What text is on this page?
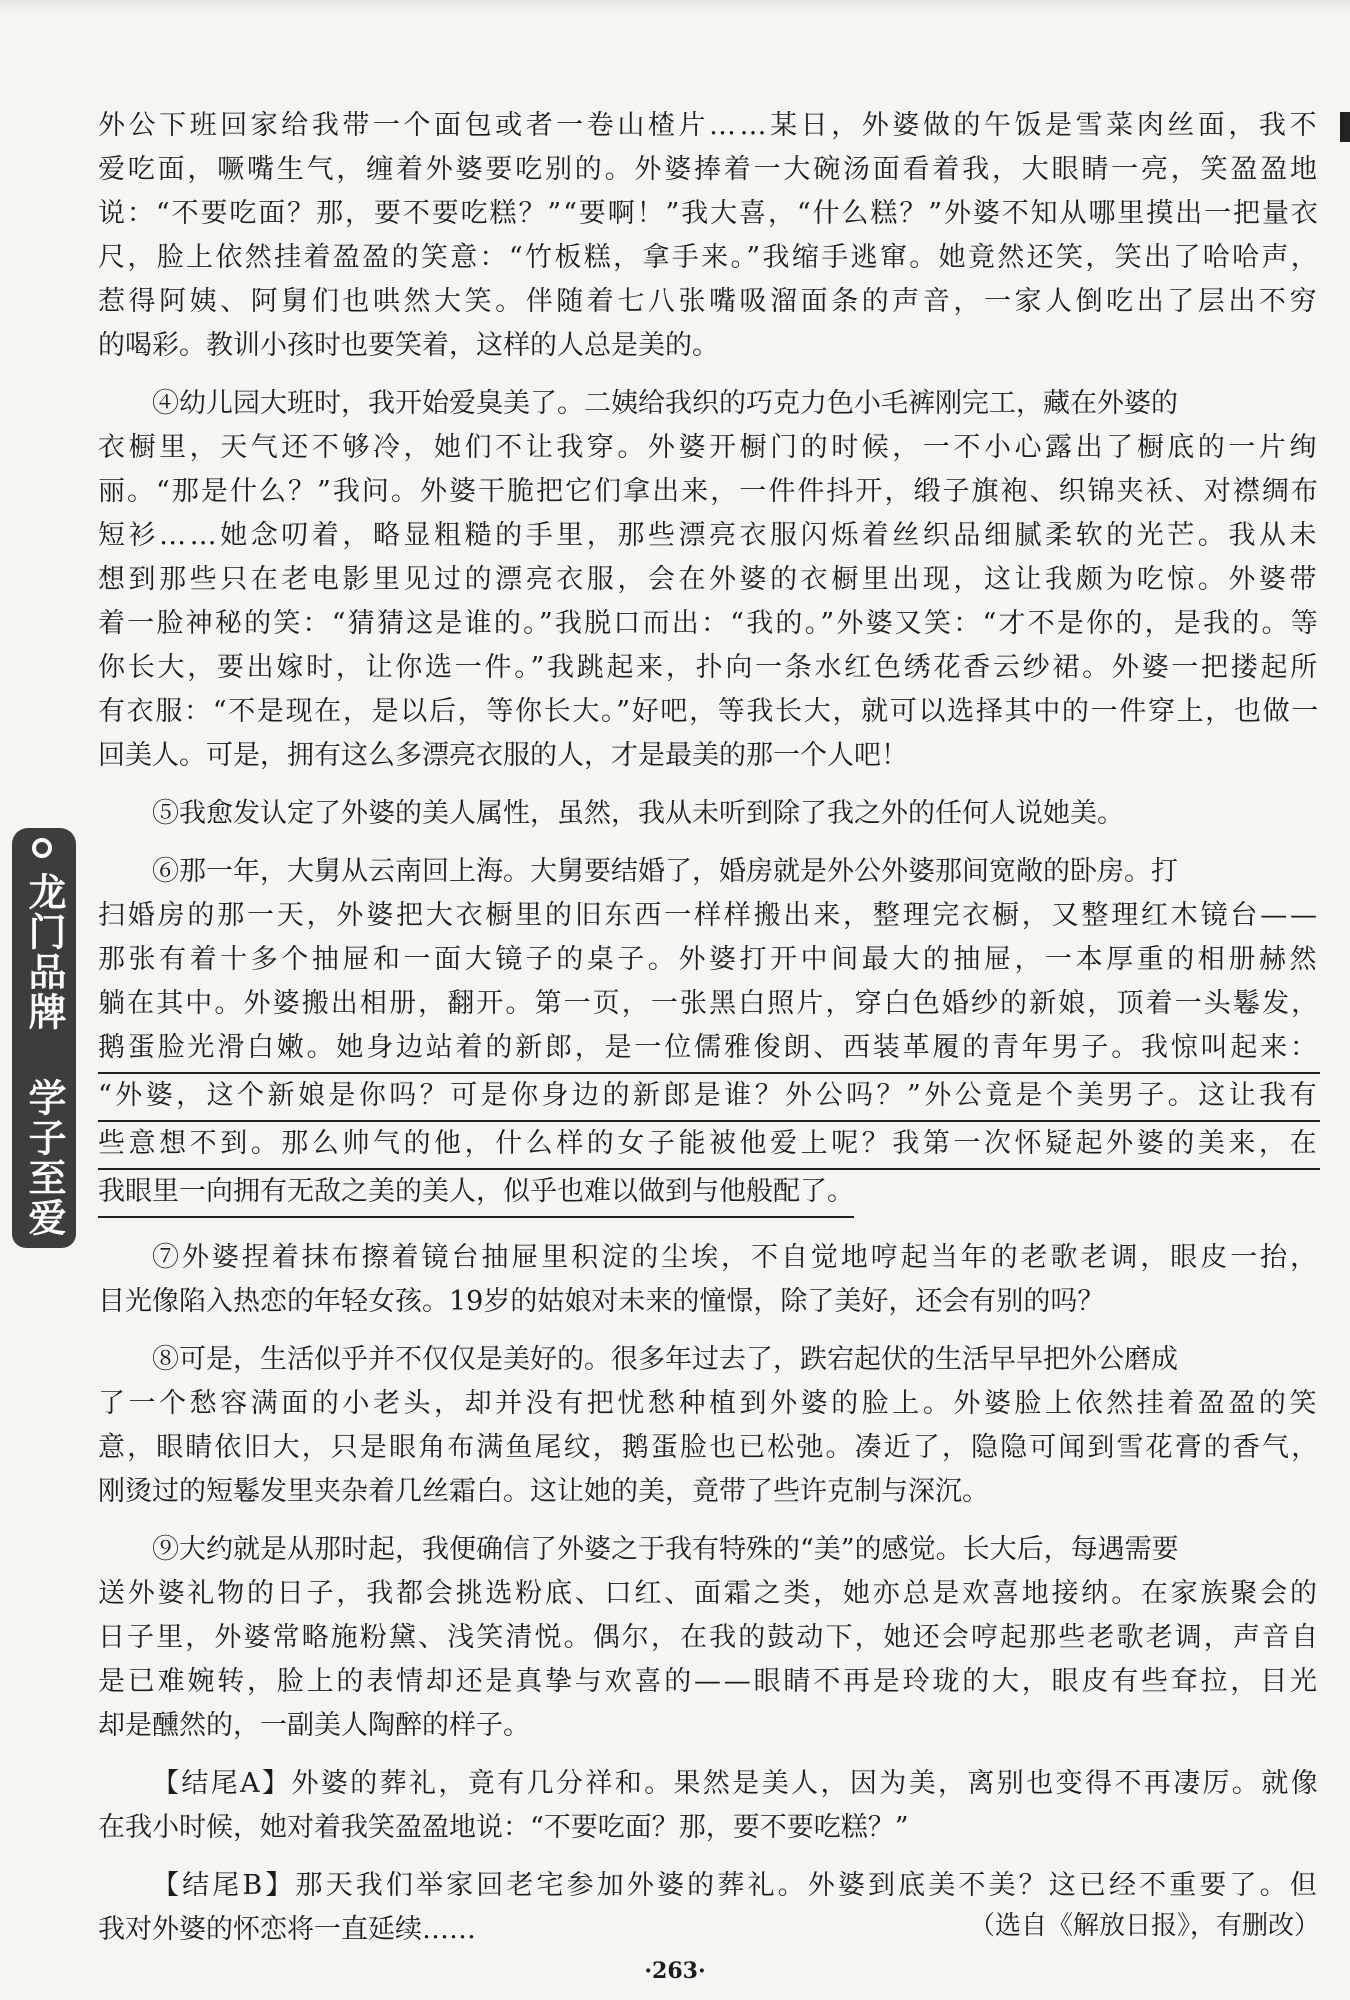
龙门品牌 学子至爱
外公下班回家给我带一个面包或者一卷山楂片……某日，外婆做的午饭是雪菜肉丝面，我不
爱吃面，噘嘴生气，缠着外婆要吃别的。外婆捧着一大碗汤面看着我，大眼睛一亮，笑盈盈地
说：“不要吃面？那，要不要吃糕？”“要啊！”我大喜，“什么糕？”外婆不知从哪里摸出一把量衣
尺，脸上依然挂着盈盈的笑意：“竹板糕，拿手来。”我缩手逃窜。她竟然还笑，笑出了哈哈声，
惹得阿姨、阿舅们也哄然大笑。伴随着七八张嘴吸溜面条的声音，一家人倒吃出了层出不穷
的喝彩。教训小孩时也要笑着，这样的人总是美的。
④幼儿园大班时，我开始爱臭美了。二姨给我织的巧克力色小毛裤刚完工，藏在外婆的
衣橱里，天气还不够冷，她们不让我穿。外婆开橱门的时候，一不小心露出了橱底的一片绚
丽。“那是什么？”我问。外婆干脆把它们拿出来，一件件抖开，缎子旗袍、织锦夹袄、对襟绸布
短衫……她念叨着，略显粗糙的手里，那些漂亮衣服闪烁着丝织品细腻柔软的光芒。我从未
想到那些只在老电影里见过的漂亮衣服，会在外婆的衣橱里出现，这让我颇为吃惊。外婆带
着一脸神秘的笑：“猜猜这是谁的。”我脱口而出：“我的。”外婆又笑：“才不是你的，是我的。等
你长大，要出嫁时，让你选一件。”我跳起来，扑向一条水红色绣花香云纱裙。外婆一把搂起所
有衣服：“不是现在，是以后，等你长大。”好吧，等我长大，就可以选择其中的一件穿上，也做一
回美人。可是，拥有这么多漂亮衣服的人，才是最美的那一个人吧！
⑤我愈发认定了外婆的美人属性，虽然，我从未听到除了我之外的任何人说她美。
⑥那一年，大舅从云南回上海。大舅要结婚了，婚房就是外公外婆那间宽敞的卧房。打
扫婚房的那一天，外婆把大衣橱里的旧东西一样样搬出来，整理完衣橱，又整理红木镜台——
那张有着十多个抽屉和一面大镜子的桌子。外婆打开中间最大的抽屉，一本厚重的相册赫然
躺在其中。外婆搬出相册，翻开。第一页，一张黑白照片，穿白色婚纱的新娘，顶着一头鬈发，
鹅蛋脸光滑白嫩。她身边站着的新郎，是一位儒雅俊朗、西装革履的青年男子。我惊叫起来：
“外婆，这个新娘是你吗？可是你身边的新郎是谁？外公吗？”外公竟是个美男子。这让我有
些意想不到。那么帅气的他，什么样的女子能被他爱上呢？我第一次怀疑起外婆的美来，在
我眼里一向拥有无敌之美的美人，似乎也难以做到与他般配了。
⑦外婆捏着抹布擦着镜台抽屉里积淀的尘埃，不自觉地哼起当年的老歌老调，眼皮一抬，
目光像陷入热恋的年轻女孩。19岁的姑娘对未来的憧憬，除了美好，还会有别的吗？
⑧可是，生活似乎并不仅仅是美好的。很多年过去了，跌宕起伏的生活早早把外公磨成
了一个愁容满面的小老头，却并没有把忧愁种植到外婆的脸上。外婆脸上依然挂着盈盈的笑
意，眼睛依旧大，只是眼角布满鱼尾纹，鹅蛋脸也已松弛。凑近了，隐隐可闻到雪花膏的香气，
刚烫过的短鬈发里夹杂着几丝霜白。这让她的美，竟带了些许克制与深沉。
⑨大约就是从那时起，我便确信了外婆之于我有特殊的“美”的感觉。长大后，每遇需要
送外婆礼物的日子，我都会挑选粉底、口红、面霜之类，她亦总是欢喜地接纳。在家族聚会的
日子里，外婆常略施粉黛、浅笑清悦。偶尔，在我的鼓动下，她还会哼起那些老歌老调，声音自
是已难婉转，脸上的表情却还是真挚与欢喜的——眼睛不再是玲珑的大，眼皮有些耷拉，目光
却是醺然的，一副美人陶醉的样子。
【结尾A】外婆的葬礼，竟有几分祥和。果然是美人，因为美，离别也变得不再凄厉。就像
在我小时候，她对着我笑盈盈地说：“不要吃面？那，要不要吃糕？”
【结尾B】那天我们举家回老宅参加外婆的葬礼。外婆到底美不美？这已经不重要了。但
我对外婆的怀恋将一直延续……	（选自《解放日报》，有删改）
·263·
